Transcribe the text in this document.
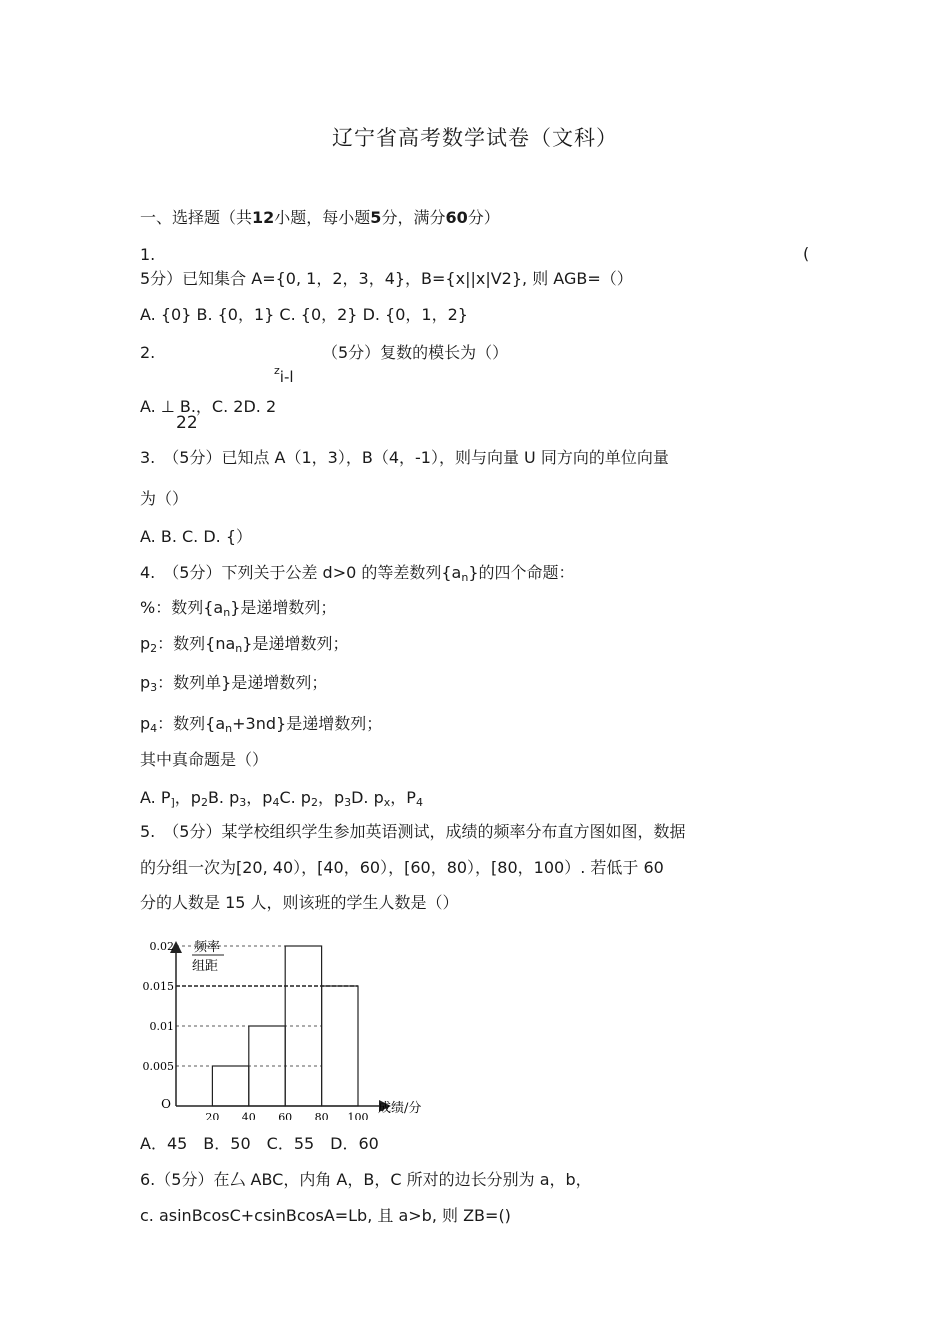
辽宁省高考数学试卷（文科）
一、选择题（共12小题，每小题5分，满分60分）
1.	(
5分）已知集合 A={0, 1，2，3，4}，B={x||x|V2}, 则 AGB=（）
A. {0} B. {0，1} C. {0，2} D. {0，1，2}
2.	（5分）复数的模长为（）
$^z$i-l
A. ⊥ B.，C. 2D. 2
22
3.　（5分）已知点 A（1，3），B（4，-1），则与向量 U 同方向的单位向量
为（）
A. B. C. D. {）
4.　（5分）下列关于公差 d>0 的等差数列$\{a_n\}$的四个命题：
%：数列$\{a_n\}$是递增数列；
$p_2$：数列$\{na_n\}$是递增数列；
$p_3$：数列单}是递增数列；
$p_4$：数列$\{a_n+3nd\}$是递增数列；
其中真命题是（）
A. $P_]$，$p_2B$. $p_3$，$p_4C$. $p_2$，$p_3D$. $p_x$，$P_4$
5.　（5分）某学校组织学生参加英语测试，成绩的频率分布直方图如图，数据
的分组一次为[20, 40），[40，60），[60，80），[80，100）. 若低于 60
分的人数是 15 人，则该班的学生人数是（）
0.005
0.01
0.015
0.02
20 40 60 80 100
O
频率
组距
成绩/分
A．45　B．50　C．55　D．60
6.（5分）在厶 ABC，内角 A，B，C 所对的边长分别为 a，b，
c. asinBcosC+csinBcosA=Lb, 且 a>b, 则 ZB=()
